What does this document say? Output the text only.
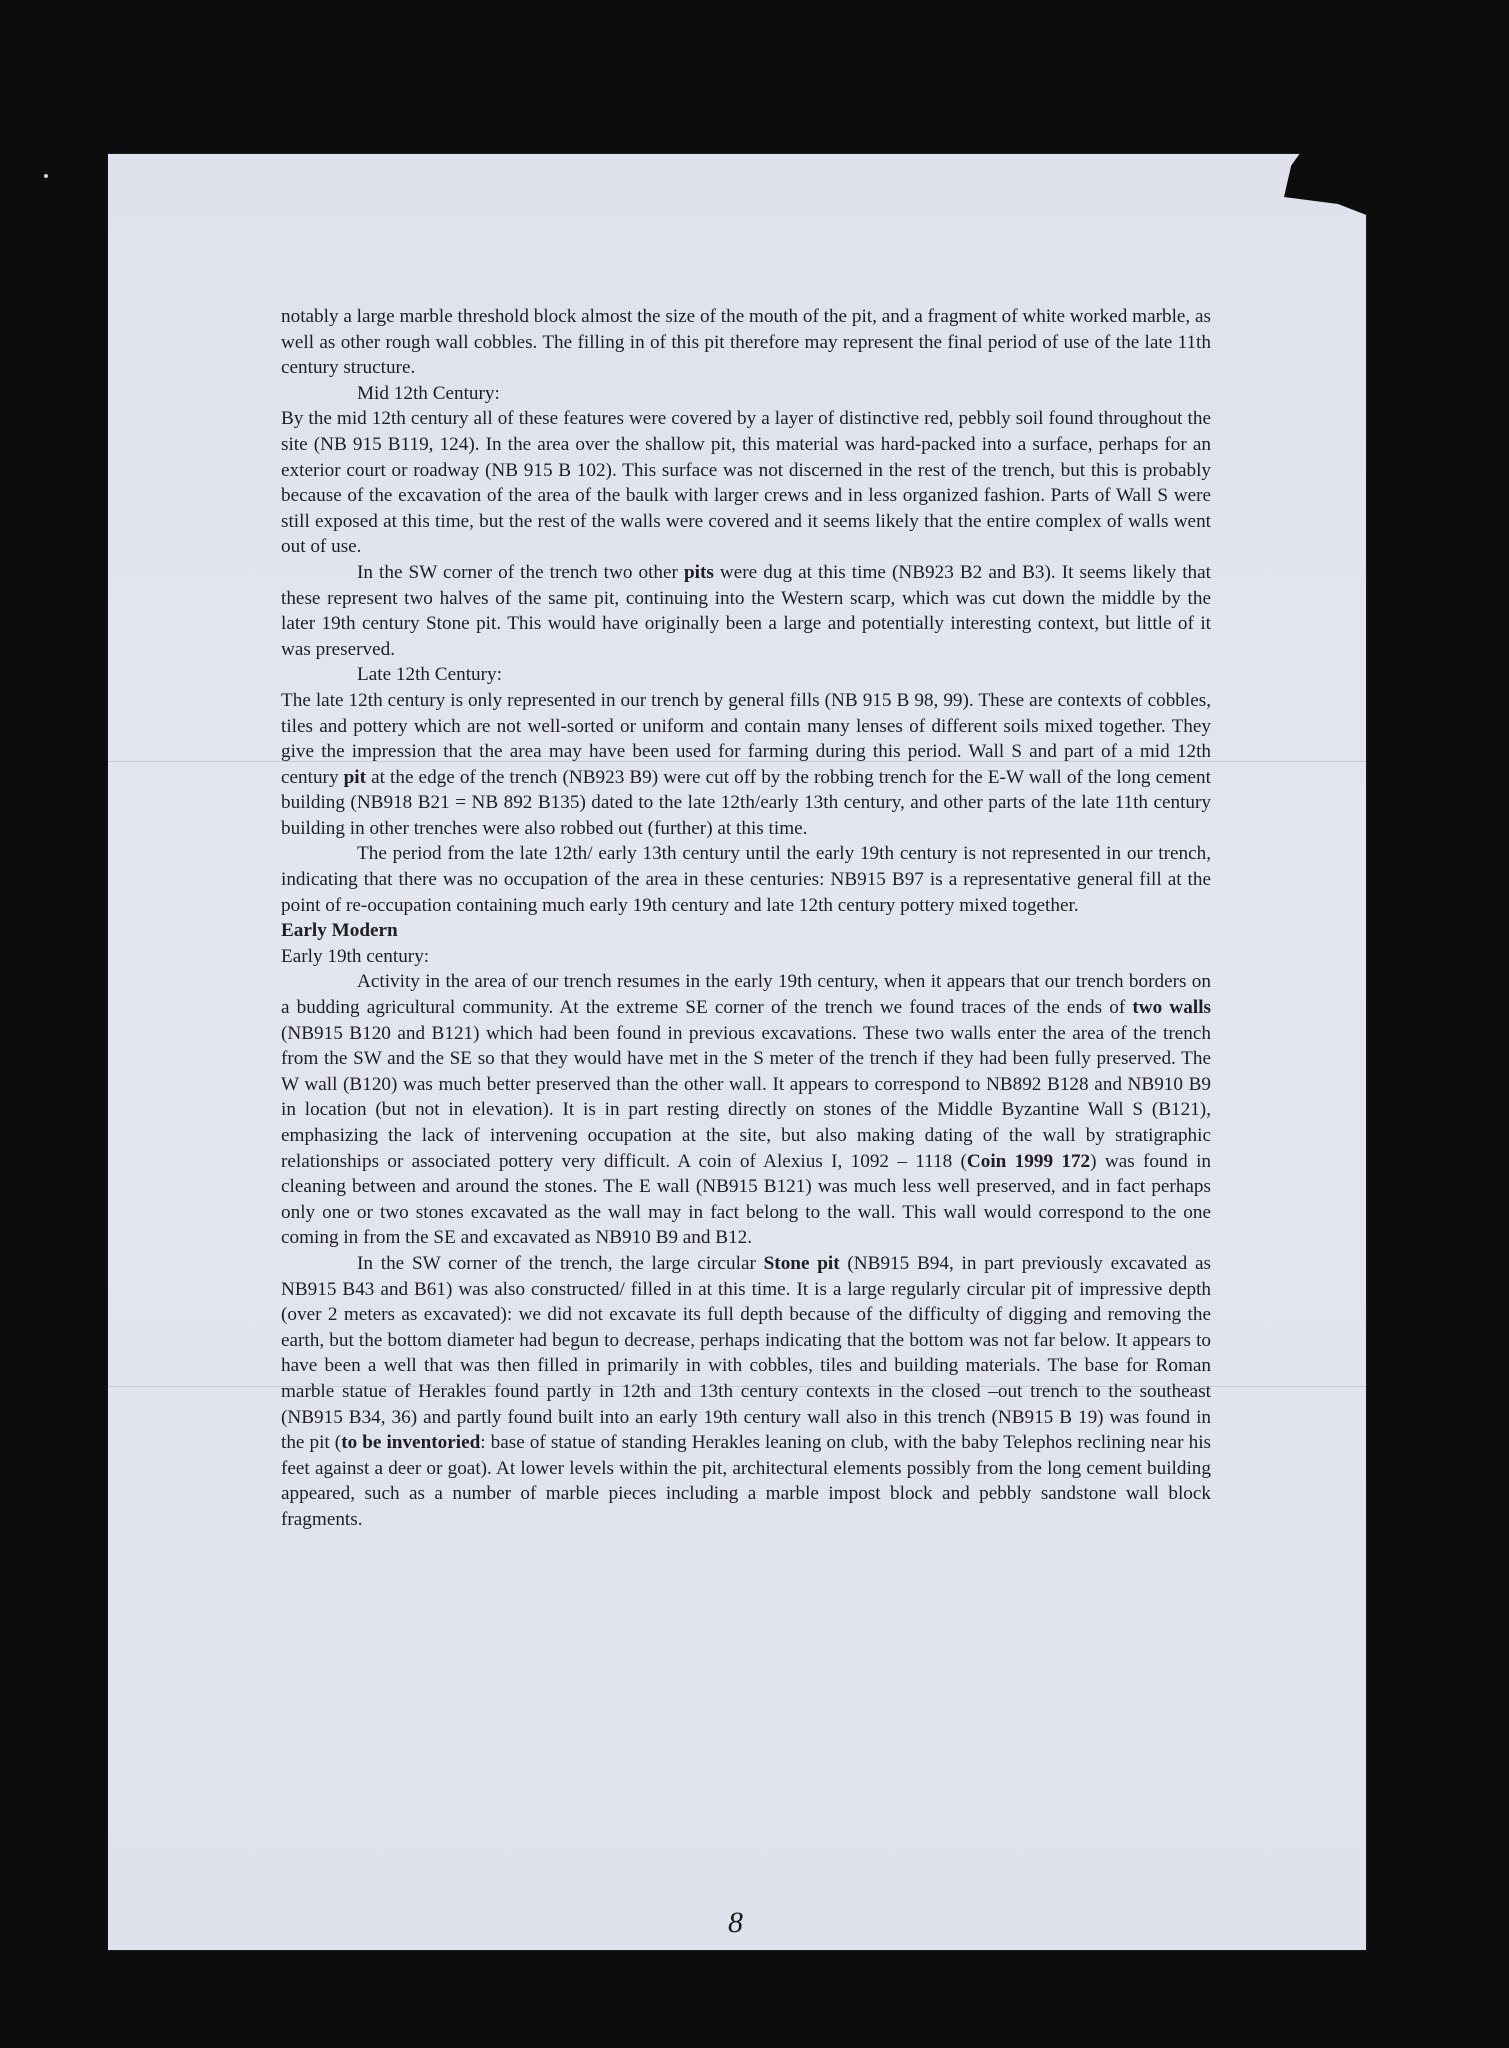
notably a large marble threshold block almost the size of the mouth of the pit, and a fragment of white worked marble, as well as other rough wall cobbles. The filling in of this pit therefore may represent the final period of use of the late 11th century structure.

Mid 12th Century:

By the mid 12th century all of these features were covered by a layer of distinctive red, pebbly soil found throughout the site (NB 915 B119, 124). In the area over the shallow pit, this material was hard-packed into a surface, perhaps for an exterior court or roadway (NB 915 B 102). This surface was not discerned in the rest of the trench, but this is probably because of the excavation of the area of the baulk with larger crews and in less organized fashion. Parts of Wall S were still exposed at this time, but the rest of the walls were covered and it seems likely that the entire complex of walls went out of use.

In the SW corner of the trench two other pits were dug at this time (NB923 B2 and B3). It seems likely that these represent two halves of the same pit, continuing into the Western scarp, which was cut down the middle by the later 19th century Stone pit. This would have originally been a large and potentially interesting context, but little of it was preserved.

Late 12th Century:

The late 12th century is only represented in our trench by general fills (NB 915 B 98, 99). These are contexts of cobbles, tiles and pottery which are not well-sorted or uniform and contain many lenses of different soils mixed together. They give the impression that the area may have been used for farming during this period. Wall S and part of a mid 12th century pit at the edge of the trench (NB923 B9) were cut off by the robbing trench for the E-W wall of the long cement building (NB918 B21 = NB 892 B135) dated to the late 12th/early 13th century, and other parts of the late 11th century building in other trenches were also robbed out (further) at this time.

The period from the late 12th/ early 13th century until the early 19th century is not represented in our trench, indicating that there was no occupation of the area in these centuries: NB915 B97 is a representative general fill at the point of re-occupation containing much early 19th century and late 12th century pottery mixed together.

Early Modern

Early 19th century:

Activity in the area of our trench resumes in the early 19th century, when it appears that our trench borders on a budding agricultural community. At the extreme SE corner of the trench we found traces of the ends of two walls (NB915 B120 and B121) which had been found in previous excavations. These two walls enter the area of the trench from the SW and the SE so that they would have met in the S meter of the trench if they had been fully preserved. The W wall (B120) was much better preserved than the other wall. It appears to correspond to NB892 B128 and NB910 B9 in location (but not in elevation). It is in part resting directly on stones of the Middle Byzantine Wall S (B121), emphasizing the lack of intervening occupation at the site, but also making dating of the wall by stratigraphic relationships or associated pottery very difficult. A coin of Alexius I, 1092 – 1118 (Coin 1999 172) was found in cleaning between and around the stones. The E wall (NB915 B121) was much less well preserved, and in fact perhaps only one or two stones excavated as the wall may in fact belong to the wall. This wall would correspond to the one coming in from the SE and excavated as NB910 B9 and B12.

In the SW corner of the trench, the large circular Stone pit (NB915 B94, in part previously excavated as NB915 B43 and B61) was also constructed/ filled in at this time. It is a large regularly circular pit of impressive depth (over 2 meters as excavated): we did not excavate its full depth because of the difficulty of digging and removing the earth, but the bottom diameter had begun to decrease, perhaps indicating that the bottom was not far below. It appears to have been a well that was then filled in primarily in with cobbles, tiles and building materials. The base for Roman marble statue of Herakles found partly in 12th and 13th century contexts in the closed –out trench to the southeast (NB915 B34, 36) and partly found built into an early 19th century wall also in this trench (NB915 B 19) was found in the pit (to be inventoried: base of statue of standing Herakles leaning on club, with the baby Telephos reclining near his feet against a deer or goat). At lower levels within the pit, architectural elements possibly from the long cement building appeared, such as a number of marble pieces including a marble impost block and pebbly sandstone wall block fragments.

8
